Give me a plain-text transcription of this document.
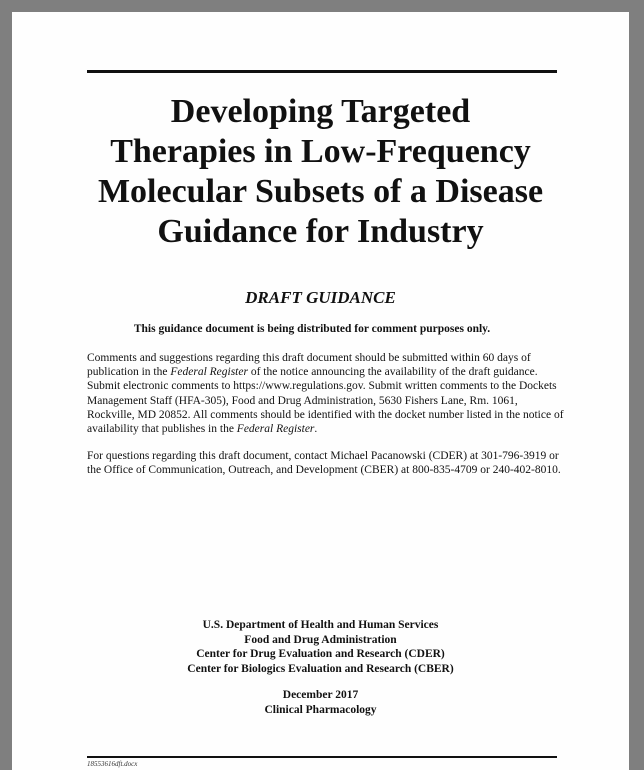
Developing Targeted
Therapies in Low-Frequency
Molecular Subsets of a Disease
Guidance for Industry
DRAFT GUIDANCE
This guidance document is being distributed for comment purposes only.
Comments and suggestions regarding this draft document should be submitted within 60 days of publication in the Federal Register of the notice announcing the availability of the draft guidance. Submit electronic comments to https://www.regulations.gov. Submit written comments to the Dockets Management Staff (HFA-305), Food and Drug Administration, 5630 Fishers Lane, Rm. 1061, Rockville, MD 20852. All comments should be identified with the docket number listed in the notice of availability that publishes in the Federal Register.
For questions regarding this draft document, contact Michael Pacanowski (CDER) at 301-796-3919 or the Office of Communication, Outreach, and Development (CBER) at 800-835-4709 or 240-402-8010.
U.S. Department of Health and Human Services
Food and Drug Administration
Center for Drug Evaluation and Research (CDER)
Center for Biologics Evaluation and Research (CBER)
December 2017
Clinical Pharmacology
18553616dft.docx
